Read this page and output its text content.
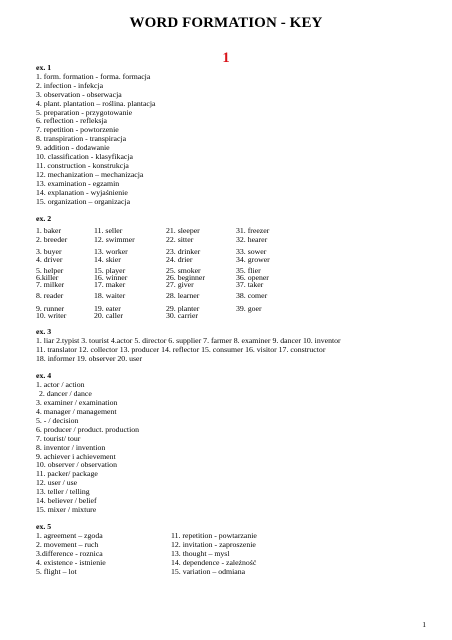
WORD FORMATION - KEY
1
ex. 1
1. form. formation - forma. formacja
2. infection - infekcja
3. observation - obserwacja
4. plant. plantation – roślina. plantacja
5. preparation - przygotowanie
6. reflection - refleksja
7. repetition - powtorzenie
8. transpiration - transpiracja
9. addition - dodawanie
10. classification - klasyfikacja
11. construction - konstrukcja
12. mechanization – mechanizacja
13. examination - egzamin
14. explanation - wyjaśnienie
15. organization – organizacja
ex. 2
1. baker	11. seller	21. sleeper	31. freezer
2. breeder	12. swimmer	22. sitter	32. hearer

3. buyer	13. worker	23. drinker	33. sower
4. driver	14. skier	24. drier	34. grower

5. helper	15. player	25. smoker	35. flier
6.killer	16. winner	26. beginner	36. opener
7. milker	17. maker	27. giver	37. taker

8. reader	18. waiter	28. learner	38. comer

9. runner	19. eater	29. planter	39. goer
10. writer	20. caller	30. carrier	
ex. 3
1. liar 2.typist 3. tourist 4.actor 5. director 6. supplier 7. farmer 8. examiner 9. dancer 10. inventor
11. translator 12. collector 13. producer 14. reflector 15. consumer 16. visitor 17. constructor
18. informer 19. observer 20. user
ex. 4
1. actor / action
2. dancer / dance
3. examiner / examination
4. manager / management
5. - / decision
6. producer / product. production
7. tourist/ tour
8. inventor / invention
9. achiever i achievement
10. observer / observation
11. packer/ package
12. user / use
13. teller / telling
14. believer / belief
15. mixer / mixture
ex. 5
1. agreement – zgoda	11. repetition - powtarzanie
2. movement – ruch	12. invitation - zaproszenie
3.difference - roznica	13. thought – mysl
4. existence - istnienie	14. dependence - zależność
5. flight – lot	15. variation – odmiana
1
